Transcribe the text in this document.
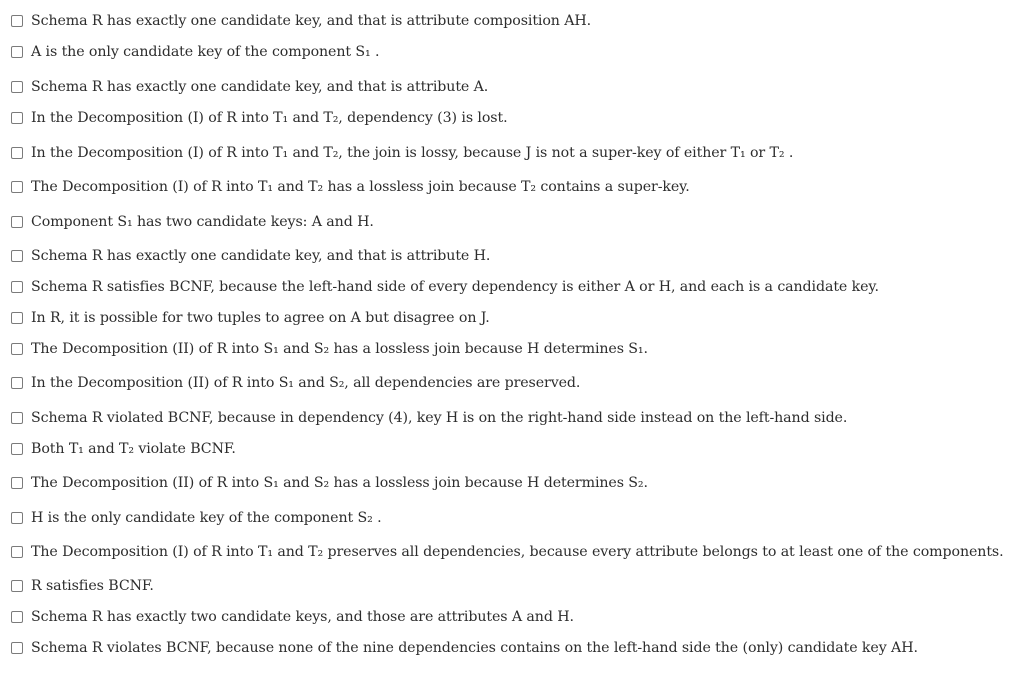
Schema R has exactly one candidate key, and that is attribute composition AH.
A is the only candidate key of the component S₁ .
Schema R has exactly one candidate key, and that is attribute A.
In the Decomposition (I) of R into T₁ and T₂, dependency (3) is lost.
In the Decomposition (I) of R into T₁ and T₂, the join is lossy, because J is not a super-key of either T₁ or T₂ .
The Decomposition (I) of R into T₁ and T₂ has a lossless join because T₂ contains a super-key.
Component S₁ has two candidate keys: A and H.
Schema R has exactly one candidate key, and that is attribute H.
Schema R satisfies BCNF, because the left-hand side of every dependency is either A or H, and each is a candidate key.
In R, it is possible for two tuples to agree on A but disagree on J.
The Decomposition (II) of R into S₁ and S₂ has a lossless join because H determines S₁.
In the Decomposition (II) of R into S₁ and S₂, all dependencies are preserved.
Schema R violated BCNF, because in dependency (4), key H is on the right-hand side instead on the left-hand side.
Both T₁ and T₂ violate BCNF.
The Decomposition (II) of R into S₁ and S₂ has a lossless join because H determines S₂.
H is the only candidate key of the component S₂ .
The Decomposition (I) of R into T₁ and T₂ preserves all dependencies, because every attribute belongs to at least one of the components.
R satisfies BCNF.
Schema R has exactly two candidate keys, and those are attributes A and H.
Schema R violates BCNF, because none of the nine dependencies contains on the left-hand side the (only) candidate key AH.
